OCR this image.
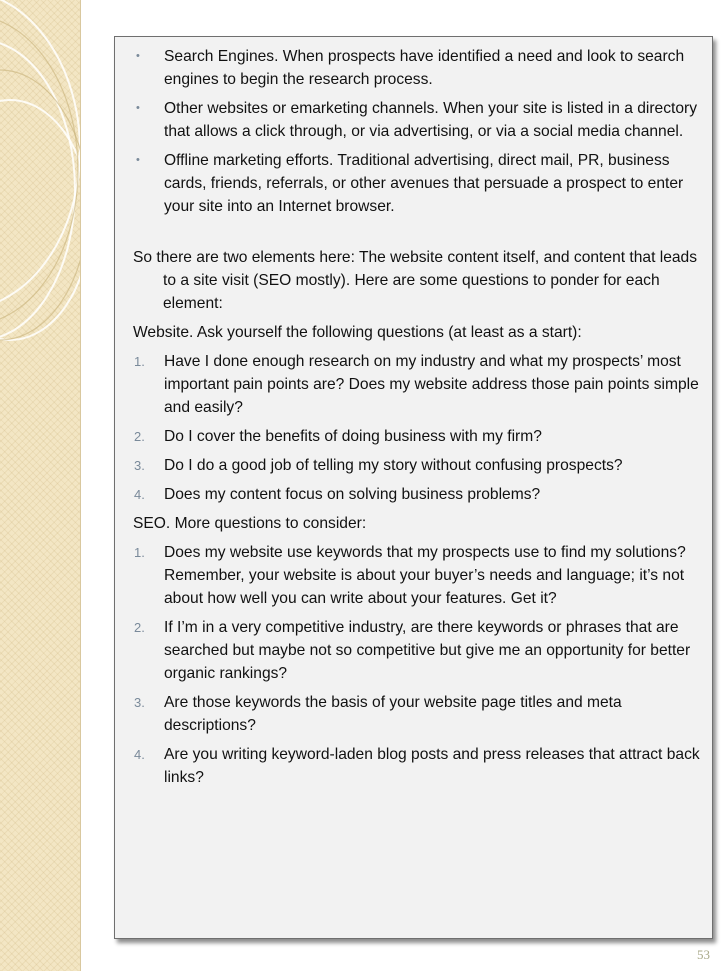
•	Search Engines. When prospects have identified a need and look to search engines to begin the research process.
•	Other websites or emarketing channels. When your site is listed in a directory that allows a click through, or via advertising, or via a social media channel.
•	Offline marketing efforts. Traditional advertising, direct mail, PR, business cards, friends, referrals, or other avenues that persuade a prospect to enter your site into an Internet browser.
So there are two elements here: The website content itself, and content that leads to a site visit (SEO mostly). Here are some questions to ponder for each element:
Website. Ask yourself the following questions (at least as a start):
1.	Have I done enough research on my industry and what my prospects’ most important pain points are? Does my website address those pain points simple and easily?
2.	Do I cover the benefits of doing business with my firm?
3.	Do I do a good job of telling my story without confusing prospects?
4.	Does my content focus on solving business problems?
SEO. More questions to consider:
1.	Does my website use keywords that my prospects use to find my solutions? Remember, your website is about your buyer’s needs and language; it’s not about how well you can write about your features. Get it?
2.	If I’m in a very competitive industry, are there keywords or phrases that are searched but maybe not so competitive but give me an opportunity for better organic rankings?
3.	Are those keywords the basis of your website page titles and meta descriptions?
4.	Are you writing keyword-laden blog posts and press releases that attract back links?
53
